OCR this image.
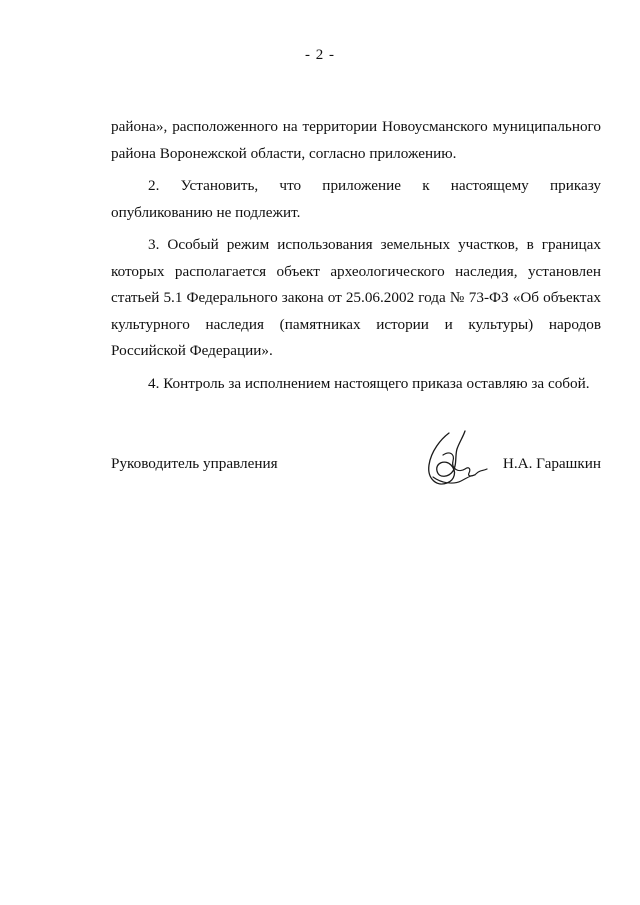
- 2 -

района», расположенного на территории Новоусманского муниципального района Воронежской области, согласно приложению.

2. Установить, что приложение к настоящему приказу опубликованию не подлежит.

3. Особый режим использования земельных участков, в границах которых располагается объект археологического наследия, установлен статьей 5.1 Федерального закона от 25.06.2002 года № 73-ФЗ «Об объектах культурного наследия (памятниках истории и культуры) народов Российской Федерации».

4. Контроль за исполнением настоящего приказа оставляю за собой.

Руководитель управления	Н.А. Гарашкин
